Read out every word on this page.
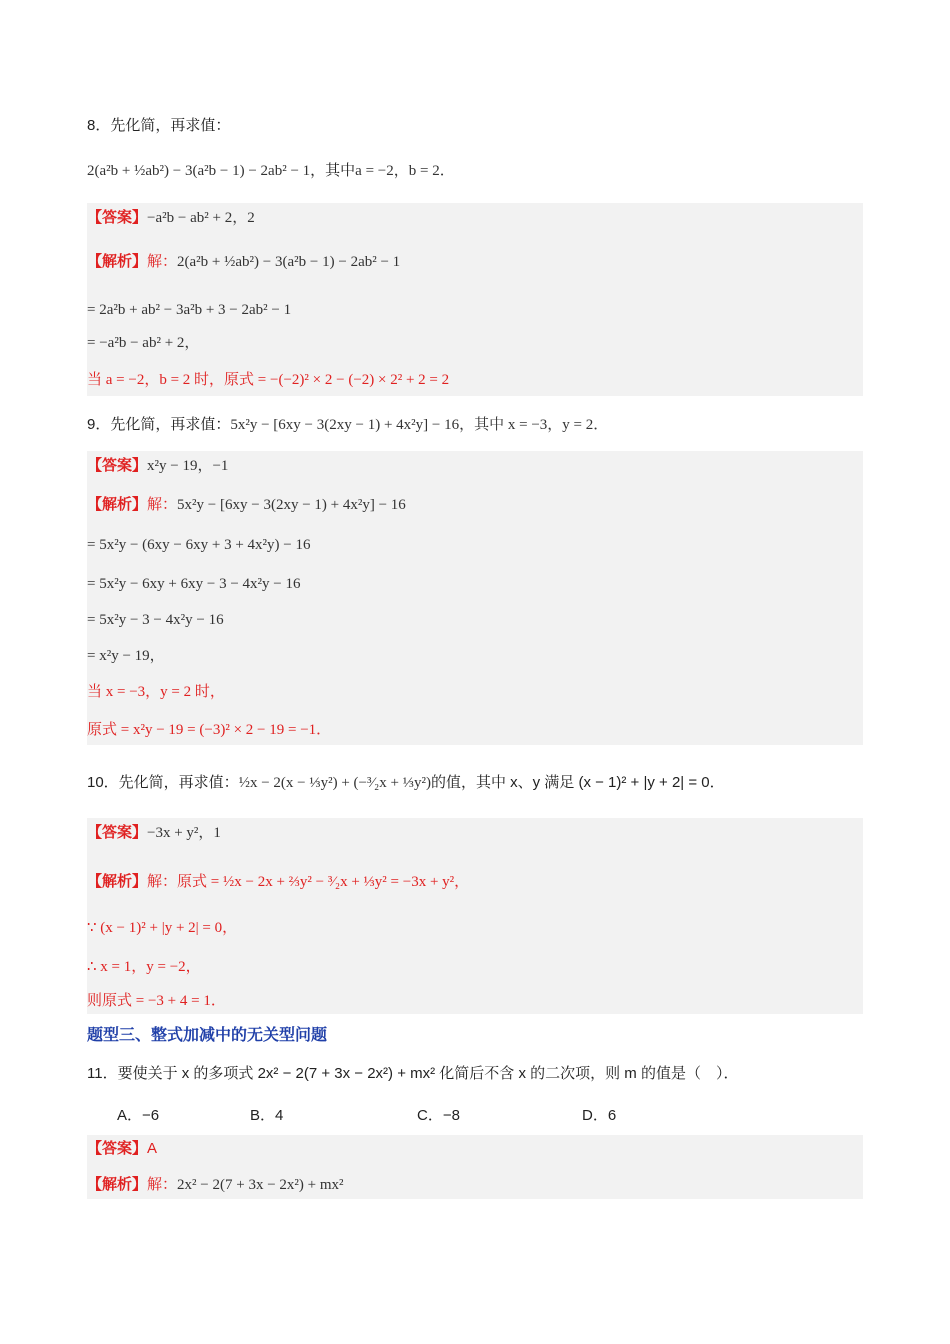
8．先化简，再求值：
2(a²b + ½ab²) − 3(a²b − 1) − 2ab² − 1，其中a = −2，b = 2．
【答案】−a²b − ab² + 2，2
【解析】解：2(a²b + ½ab²) − 3(a²b − 1) − 2ab² − 1
= 2a²b + ab² − 3a²b + 3 − 2ab² − 1
= −a²b − ab² + 2，
当 a = −2，b = 2 时，原式 = −(−2)² × 2 − (−2) × 2² + 2 = 2
9．先化简，再求值：5x²y − [6xy − 3(2xy − 1) + 4x²y] − 16，其中 x = −3，y = 2．
【答案】x²y − 19，−1
【解析】解：5x²y − [6xy − 3(2xy − 1) + 4x²y] − 16
= 5x²y − (6xy − 6xy + 3 + 4x²y) − 16
= 5x²y − 6xy + 6xy − 3 − 4x²y − 16
= 5x²y − 3 − 4x²y − 16
= x²y − 19，
当 x = −3，y = 2 时，
原式 = x²y − 19 = (−3)² × 2 − 19 = −1．
10．先化简，再求值：½x − 2(x − ⅓y²) + (−³⁄₂x + ⅓y²)的值，其中 x、y 满足 (x − 1)² + |y + 2| = 0．
【答案】−3x + y²，1
【解析】解：原式 = ½x − 2x + ⅔y² − ³⁄₂x + ⅓y² = −3x + y²，
∵ (x − 1)² + |y + 2| = 0，
∴ x = 1，y = −2，
则原式 = −3 + 4 = 1．
题型三、整式加减中的无关型问题
11．要使关于 x 的多项式 2x² − 2(7 + 3x − 2x²) + mx² 化简后不含 x 的二次项，则 m 的值是（　）．
A．−6	B．4	C．−8	D．6
【答案】A
【解析】解：2x² − 2(7 + 3x − 2x²) + mx²
